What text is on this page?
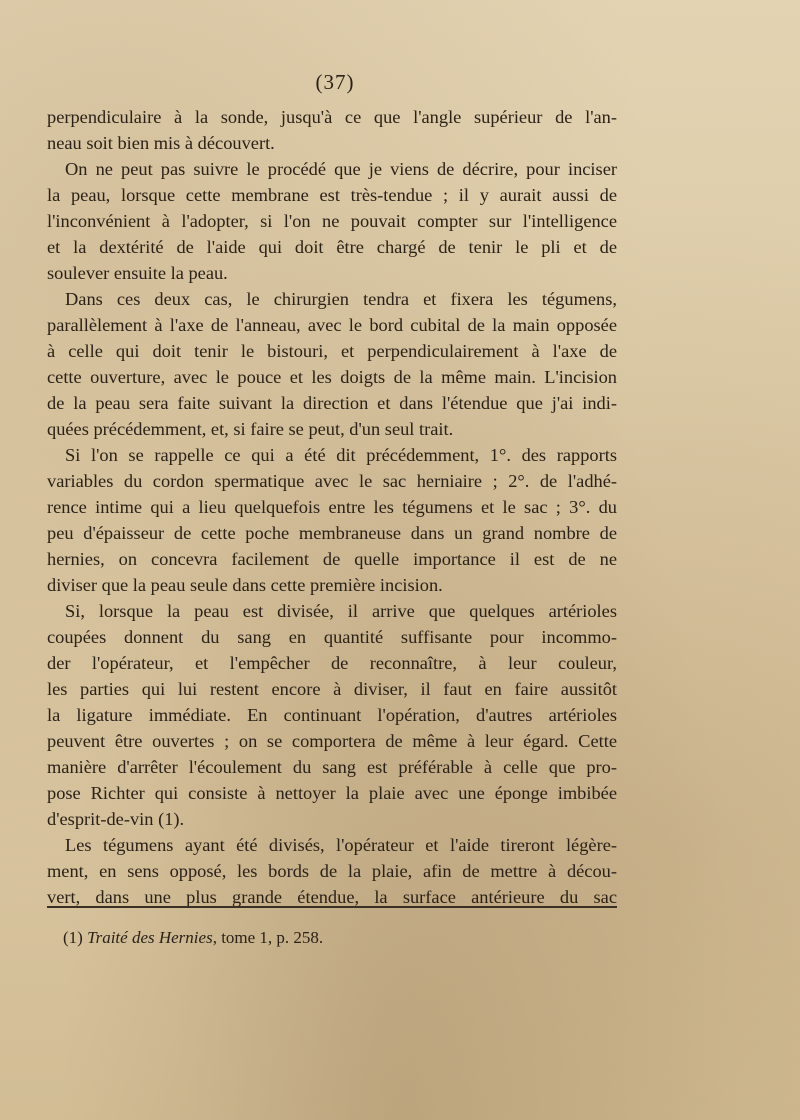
(37)
perpendiculaire à la sonde, jusqu'à ce que l'angle supérieur de l'an-
neau soit bien mis à découvert.
On ne peut pas suivre le procédé que je viens de décrire, pour inciser
la peau, lorsque cette membrane est très-tendue ; il y aurait aussi de
l'inconvénient à l'adopter, si l'on ne pouvait compter sur l'intelligence
et la dextérité de l'aide qui doit être chargé de tenir le pli et de
soulever ensuite la peau.
Dans ces deux cas, le chirurgien tendra et fixera les tégumens,
parallèlement à l'axe de l'anneau, avec le bord cubital de la main opposée
à celle qui doit tenir le bistouri, et perpendiculairement à l'axe de
cette ouverture, avec le pouce et les doigts de la même main. L'incision
de la peau sera faite suivant la direction et dans l'étendue que j'ai indi-
quées précédemment, et, si faire se peut, d'un seul trait.
Si l'on se rappelle ce qui a été dit précédemment, 1°. des rapports
variables du cordon spermatique avec le sac herniaire ; 2°. de l'adhé-
rence intime qui a lieu quelquefois entre les tégumens et le sac ; 3°. du
peu d'épaisseur de cette poche membraneuse dans un grand nombre de
hernies, on concevra facilement de quelle importance il est de ne
diviser que la peau seule dans cette première incision.
Si, lorsque la peau est divisée, il arrive que quelques artérioles
coupées donnent du sang en quantité suffisante pour incommo-
der l'opérateur, et l'empêcher de reconnaître, à leur couleur,
les parties qui lui restent encore à diviser, il faut en faire aussitôt
la ligature immédiate. En continuant l'opération, d'autres artérioles
peuvent être ouvertes ; on se comportera de même à leur égard. Cette
manière d'arrêter l'écoulement du sang est préférable à celle que pro-
pose Richter qui consiste à nettoyer la plaie avec une éponge imbibée
d'esprit-de-vin (1).
Les tégumens ayant été divisés, l'opérateur et l'aide tireront légère-
ment, en sens opposé, les bords de la plaie, afin de mettre à décou-
vert, dans une plus grande étendue, la surface antérieure du sac
(1) Traité des Hernies, tome 1, p. 258.
